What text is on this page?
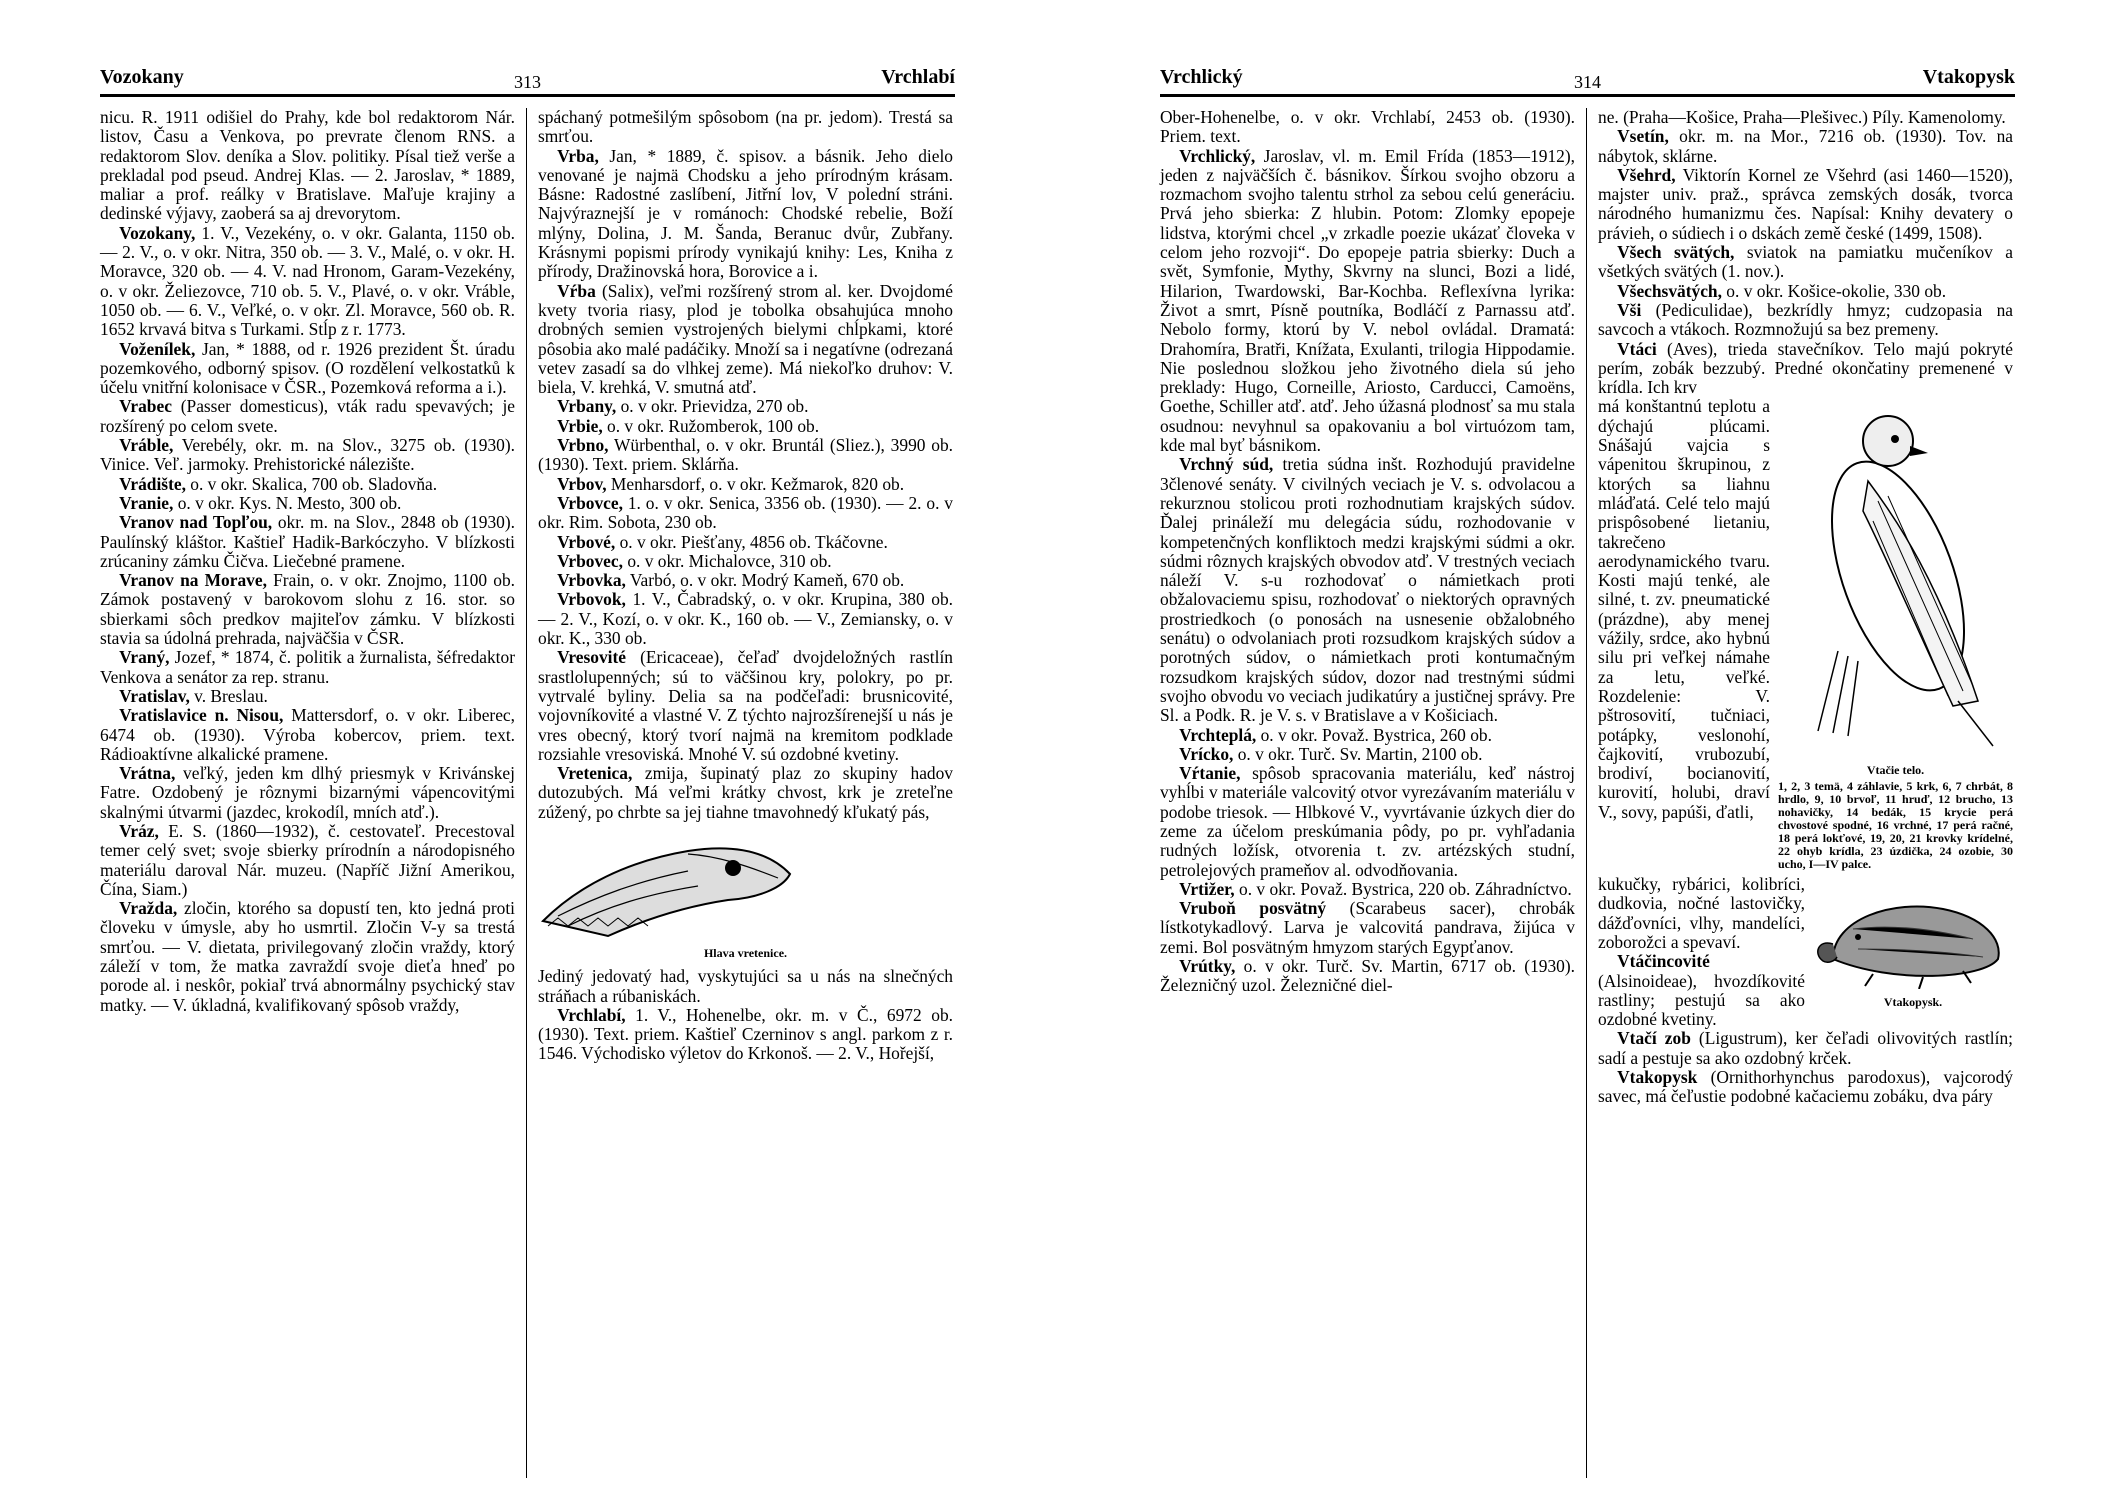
Vozokany	313	Vrchlabí

nicu. R. 1911 odišiel do Prahy, kde bol redaktorom Nár. listov, Času a Venkova, po prevrate členom RNS. a redaktorom Slov. deníka a Slov. politiky. Písal tiež verše a prekladal pod pseud. Andrej Klas. — 2. Jaroslav, * 1889, maliar a prof. reálky v Bratislave. Maľuje krajiny a dedinské výjavy, zaoberá sa aj drevorytom.

Vozokany, 1. V., Vezekény, o. v okr. Galanta, 1150 ob. — 2. V., o. v okr. Nitra, 350 ob. — 3. V., Malé, o. v okr. H. Moravce, 320 ob. — 4. V. nad Hronom, Garam-Vezekény, o. v okr. Želiezovce, 710 ob. 5. V., Plavé, o. v okr. Vráble, 1050 ob. — 6. V., Veľké, o. v okr. Zl. Moravce, 560 ob. R. 1652 krvavá bitva s Turkami. Stĺp z r. 1773.

Voženílek, Jan, * 1888, od r. 1926 prezident Št. úradu pozemkového, odborný spisov. (O rozdělení velkostatků k účelu vnitřní kolonisace v ČSR., Pozemková reforma a i.).

Vrabec (Passer domesticus), vták radu spevavých; je rozšírený po celom svete.

Vráble, Verebély, okr. m. na Slov., 3275 ob. (1930). Vinice. Veľ. jarmoky. Prehistorické nálezište.

Vrádište, o. v okr. Skalica, 700 ob. Sladovňa.

Vranie, o. v okr. Kys. N. Mesto, 300 ob.

Vranov nad Topľou, okr. m. na Slov., 2848 ob (1930). Paulínský kláštor. Kaštieľ Hadik-Barkóczyho. V blízkosti zrúcaniny zámku Čičva. Liečebné pramene.

Vranov na Morave, Frain, o. v okr. Znojmo, 1100 ob. Zámok postavený v barokovom slohu z 16. stor. so sbierkami sôch predkov majiteľov zámku. V blízkosti stavia sa údolná prehrada, najväčšia v ČSR.

Vraný, Jozef, * 1874, č. politik a žurnalista, šéfredaktor Venkova a senátor za rep. stranu.

Vratislav, v. Breslau.

Vratislavice n. Nisou, Mattersdorf, o. v okr. Liberec, 6474 ob. (1930). Výroba kobercov, priem. text. Rádioaktívne alkalické pramene.

Vrátna, veľký, jeden km dlhý priesmyk v Krivánskej Fatre. Ozdobený je rôznymi bizarnými vápencovitými skalnými útvarmi (jazdec, krokodíl, mních atď.).

Vráz, E. S. (1860—1932), č. cestovateľ. Precestoval temer celý svet; svoje sbierky prírodnín a národopisného materiálu daroval Nár. muzeu. (Napříč Jižní Amerikou, Čína, Siam.)

Vražda, zločin, ktorého sa dopustí ten, kto jedná proti človeku v úmysle, aby ho usmrtil. Zločin V-y sa trestá smrťou. — V. dietata, privilegovaný zločin vraždy, ktorý záleží v tom, že matka zavraždí svoje dieťa hneď po porode al. i neskôr, pokiaľ trvá abnormálny psychický stav matky. — V. úkladná, kvalifikovaný spôsob vraždy,

spáchaný potmešilým spôsobom (na pr. jedom). Trestá sa smrťou.

Vrba, Jan, * 1889, č. spisov. a básnik. Jeho dielo venované je najmä Chodsku a jeho prírodným krásam. Básne: Radostné zaslíbení, Jitřní lov, V polední stráni. Najvýraznejší je v románoch: Chodské rebelie, Boží mlýny, Dolina, J. M. Šanda, Beranuc dvůr, Zubřany. Krásnymi popismi prírody vynikajú knihy: Les, Kniha z přírody, Dražinovská hora, Borovice a i.

Vŕba (Salix), veľmi rozšírený strom al. ker. Dvojdomé kvety tvoria riasy, plod je tobolka obsahujúca mnoho drobných semien vystrojených bielymi chĺpkami, ktoré pôsobia ako malé padáčiky. Množí sa i negatívne (odrezaná vetev zasadí sa do vlhkej zeme). Má niekoľko druhov: V. biela, V. krehká, V. smutná atď.

Vrbany, o. v okr. Prievidza, 270 ob.

Vrbie, o. v okr. Ružomberok, 100 ob.

Vrbno, Würbenthal, o. v okr. Bruntál (Sliez.), 3990 ob. (1930). Text. priem. Sklárňa.

Vrbov, Menharsdorf, o. v okr. Kežmarok, 820 ob.

Vrbovce, 1. o. v okr. Senica, 3356 ob. (1930). — 2. o. v okr. Rim. Sobota, 230 ob.

Vrbové, o. v okr. Piešťany, 4856 ob. Tkáčovne.

Vrbovec, o. v okr. Michalovce, 310 ob.

Vrbovka, Varbó, o. v okr. Modrý Kameň, 670 ob.

Vrbovok, 1. V., Čabradský, o. v okr. Krupina, 380 ob. — 2. V., Kozí, o. v okr. K., 160 ob. — V., Zemiansky, o. v okr. K., 330 ob.

Vresovité (Ericaceae), čeľaď dvojdeložných rastlín srastlolupenných; sú to väčšinou kry, polokry, po pr. vytrvalé byliny. Delia sa na podčeľadi: brusnicovité, vojovníkovité a vlastné V. Z týchto najrozšírenejší u nás je vres obecný, ktorý tvorí najmä na kremitom podklade rozsiahle vresoviská. Mnohé V. sú ozdobné kvetiny.

Vretenica, zmija, šupinatý plaz zo skupiny hadov dutozubých. Má veľmi krátky chvost, krk je zreteľne zúžený, po chrbte sa jej tiahne tmavohnedý kľukatý pás,

Hlava vretenice.

Jediný jedovatý had, vyskytujúci sa u nás na slnečných stráňach a rúbaniskách.

Vrchlabí, 1. V., Hohenelbe, okr. m. v Č., 6972 ob. (1930). Text. priem. Kaštieľ Czerninov s angl. parkom z r. 1546. Východisko výletov do Krkonoš. — 2. V., Hořejší,

Vrchlický	314	Vtakopysk

Ober-Hohenelbe, o. v okr. Vrchlabí, 2453 ob. (1930). Priem. text.

Vrchlický, Jaroslav, vl. m. Emil Frída (1853—1912), jeden z najväčších č. básnikov. Šírkou svojho obzoru a rozmachom svojho talentu strhol za sebou celú generáciu. Prvá jeho sbierka: Z hlubin. Potom: Zlomky epopeje lidstva, ktorými chcel „v zrkadle poezie ukázať človeka v celom jeho rozvoji“. Do epopeje patria sbierky: Duch a svět, Symfonie, Mythy, Skvrny na slunci, Bozi a lidé, Hilarion, Twardowski, Bar-Kochba. Reflexívna lyrika: Život a smrt, Písně poutníka, Bodláčí z Parnassu atď. Nebolo formy, ktorú by V. nebol ovládal. Dramatá: Drahomíra, Bratři, Knížata, Exulanti, trilogia Hippodamie. Nie poslednou složkou jeho životného diela sú jeho preklady: Hugo, Corneille, Ariosto, Carducci, Camoëns, Goethe, Schiller atď. atď. Jeho úžasná plodnosť sa mu stala osudnou: nevyhnul sa opakovaniu a bol virtuózom tam, kde mal byť básnikom.

Vrchný súd, tretia súdna inšt. Rozhodujú pravidelne 3členové senáty. V civilných veciach je V. s. odvolacou a rekurznou stolicou proti rozhodnutiam krajských súdov. Ďalej prináleží mu delegácia súdu, rozhodovanie v kompetenčných konfliktoch medzi krajskými súdmi a okr. súdmi rôznych krajských obvodov atď. V trestných veciach náleží V. s-u rozhodovať o námietkach proti obžalovaciemu spisu, rozhodovať o niektorých opravných prostriedkoch (o ponosách na usnesenie obžalobného senátu) o odvolaniach proti rozsudkom krajských súdov a porotných súdov, o námietkach proti kontumačným rozsudkom krajských súdov, dozor nad trestnými súdmi svojho obvodu vo veciach judikatúry a justičnej správy. Pre Sl. a Podk. R. je V. s. v Bratislave a v Košiciach.

Vrchteplá, o. v okr. Považ. Bystrica, 260 ob.

Vrícko, o. v okr. Turč. Sv. Martin, 2100 ob.

Vŕtanie, spôsob spracovania materiálu, keď nástroj vyhĺbi v materiále valcovitý otvor vyrezávaním materiálu v podobe triesok. — Hlbkové V., vyvrtávanie úzkych dier do zeme za účelom preskúmania pôdy, po pr. vyhľadania rudných ložísk, otvorenia t. zv. artézských studní, petrolejových prameňov al. odvodňovania.

Vrtižer, o. v okr. Považ. Bystrica, 220 ob. Záhradníctvo.

Vruboň posvätný (Scarabeus sacer), chrobák lístkotykadlový. Larva je valcovitá pandrava, žijúca v zemi. Bol posvätným hmyzom starých Egypťanov.

Vrútky, o. v okr. Turč. Sv. Martin, 6717 ob. (1930). Železničný uzol. Železničné diel-

ne. (Praha—Košice, Praha—Plešivec.) Píly. Kamenolomy.

Vsetín, okr. m. na Mor., 7216 ob. (1930). Tov. na nábytok, sklárne.

Všehrd, Viktorín Kornel ze Všehrd (asi 1460—1520), majster univ. praž., správca zemských dosák, tvorca národného humanizmu čes. Napísal: Knihy devatery o právieh, o súdiech i o dskách země české (1499, 1508).

Všech svätých, sviatok na pamiatku mučeníkov a všetkých svätých (1. nov.).

Všechsvätých, o. v okr. Košice-okolie, 330 ob.

Vši (Pediculidae), bezkrídly hmyz; cudzopasia na savcoch a vtákoch. Rozmnožujú sa bez premeny.

Vtáci (Aves), trieda stavečníkov. Telo majú pokryté perím, zobák bezzubý. Predné okončatiny premenené v krídla. Ich krv

Vtačie telo.
1, 2, 3 temä, 4 záhlavie, 5 krk, 6, 7 chrbát, 8 hrdlo, 9, 10 brvoľ, 11 hruď, 12 brucho, 13 nohavičky, 14 bedák, 15 krycie perá chvostové spodné, 16 vrchné, 17 perá račné, 18 perá lokťové, 19, 20, 21 krovky krídelné, 22 ohyb krídla, 23 úzdička, 24 ozobie, 30 ucho, I—IV palce.

má konštantnú teplotu a dýchajú plúcami. Snášajú vajcia s vápenitou škrupinou, z ktorých sa liahnu mláďatá. Celé telo majú prispôsobené lietaniu, takrečeno aerodynamického tvaru. Kosti majú tenké, ale silné, t. zv. pneumatické (prázdne), aby menej vážily, srdce, ako hybnú silu pri veľkej námahe za letu, veľké. Rozdelenie: V. pštrosovití, tučniaci, potápky, veslonohí, čajkovití, vrubozubí, brodiví, bocianovití, kurovití, holubi, draví V., sovy, papúši, ďatli,

Vtakopysk.

kukučky, rybárici, kolibríci, dudkovia, nočné lastovičky, dážďovníci, vlhy, mandelíci, zoborožci a spevaví.

Vtáčincovité (Alsinoideae), hvozdíkovité rastliny; pestujú sa ako ozdobné kvetiny.

Vtačí zob (Ligustrum), ker čeľadi olivovitých rastlín; sadí a pestuje sa ako ozdobný krček.

Vtakopysk (Ornithorhynchus parodoxus), vajcorodý savec, má čeľustie podobné kačaciemu zobáku, dva páry
